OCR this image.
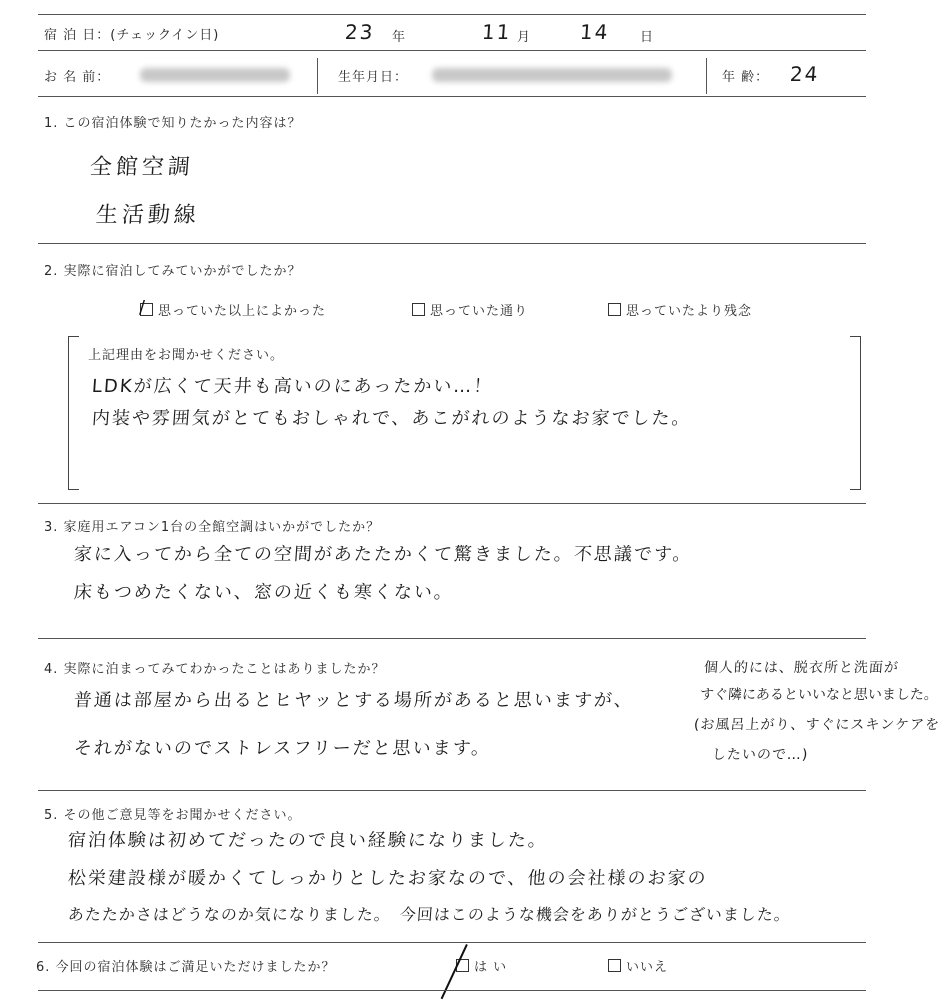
宿 泊 日：(チェックイン日)	23 年	11 月 14 日
お 名 前：	生年月日：	年 齢： 24
1. この宿泊体験で知りたかった内容は？
全館空調
生活動線
2. 実際に宿泊してみていかがでしたか？
/ 思っていた以上によかった	思っていた通り	思っていたより残念
上記理由をお聞かせください。
LDKが広くて天井も高いのにあったかい…！
内装や雰囲気がとてもおしゃれで、あこがれのようなお家でした。
3. 家庭用エアコン1台の全館空調はいかがでしたか？
家に入ってから全ての空間があたたかくて驚きました。不思議です。
床もつめたくない、窓の近くも寒くない。
4. 実際に泊まってみてわかったことはありましたか？
普通は部屋から出るとヒヤッとする場所があると思いますが、
それがないのでストレスフリーだと思います。
個人的には、脱衣所と洗面が
すぐ隣にあるといいなと思いました。
(お風呂上がり、すぐにスキンケアを
したいので…)
5. その他ご意見等をお聞かせください。
宿泊体験は初めてだったので良い経験になりました。
松栄建設様が暖かくてしっかりとしたお家なので、他の会社様のお家の
あたたかさはどうなのか気になりました。　今回はこのような機会をありがとうございました。
6. 今回の宿泊体験はご満足いただけましたか？	は い	いいえ
